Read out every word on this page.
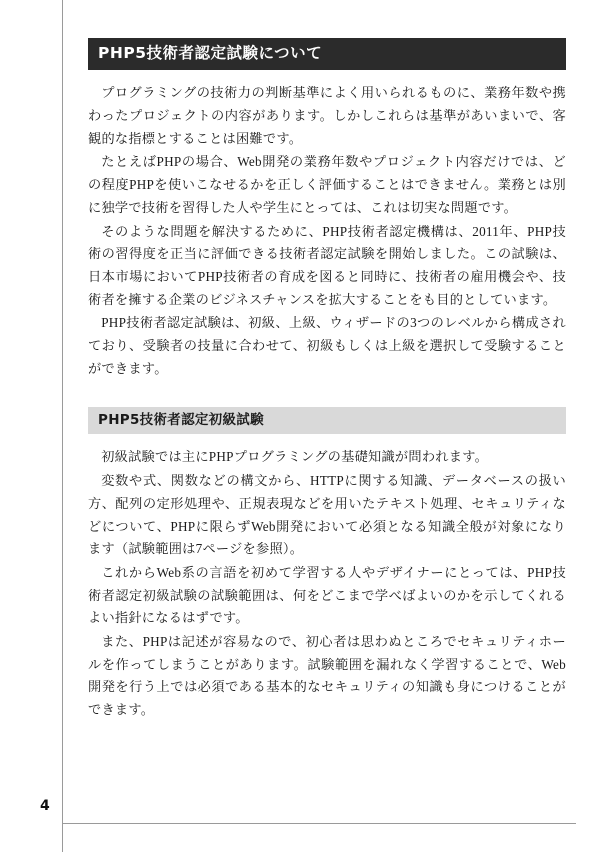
PHP5技術者認定試験について

プログラミングの技術力の判断基準によく用いられるものに、業務年数や携わったプロジェクトの内容があります。しかしこれらは基準があいまいで、客観的な指標とすることは困難です。

たとえばPHPの場合、Web開発の業務年数やプロジェクト内容だけでは、どの程度PHPを使いこなせるかを正しく評価することはできません。業務とは別に独学で技術を習得した人や学生にとっては、これは切実な問題です。

そのような問題を解決するために、PHP技術者認定機構は、2011年、PHP技術の習得度を正当に評価できる技術者認定試験を開始しました。この試験は、日本市場においてPHP技術者の育成を図ると同時に、技術者の雇用機会や、技術者を擁する企業のビジネスチャンスを拡大することをも目的としています。

PHP技術者認定試験は、初級、上級、ウィザードの3つのレベルから構成されており、受験者の技量に合わせて、初級もしくは上級を選択して受験することができます。

PHP5技術者認定初級試験

初級試験では主にPHPプログラミングの基礎知識が問われます。

変数や式、関数などの構文から、HTTPに関する知識、データベースの扱い方、配列の定形処理や、正規表現などを用いたテキスト処理、セキュリティなどについて、PHPに限らずWeb開発において必須となる知識全般が対象になります（試験範囲は7ページを参照）。

これからWeb系の言語を初めて学習する人やデザイナーにとっては、PHP技術者認定初級試験の試験範囲は、何をどこまで学べばよいのかを示してくれるよい指針になるはずです。

また、PHPは記述が容易なので、初心者は思わぬところでセキュリティホールを作ってしまうことがあります。試験範囲を漏れなく学習することで、Web開発を行う上では必須である基本的なセキュリティの知識も身につけることができます。

4
